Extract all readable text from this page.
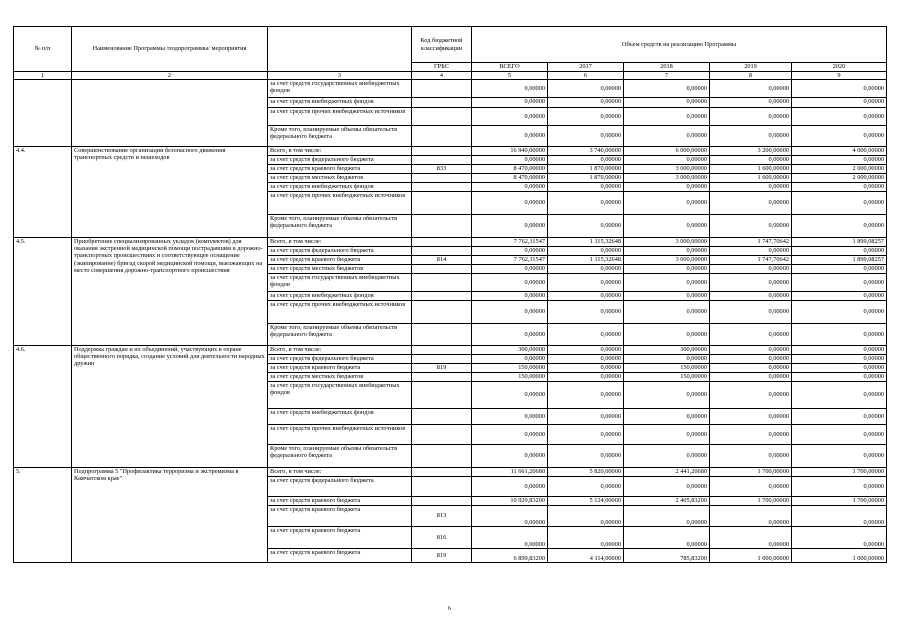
№ п/п	Наименование Программы /подпрограммы/ мероприятия		Код бюджетной классификации	Объем средств на реализацию Программы				
			ГРБС	ВСЕГО	2017	2018	2019	2020
1	2	3	4	5	6	7	8	9
		за счет средств государственных внебюджетных фондов		0,00000	0,00000	0,00000	0,00000	0,00000
		за счет средств внебюджетных фондов		0,00000	0,00000	0,00000	0,00000	0,00000
		за счет средств прочих внебюджетных источников		0,00000	0,00000	0,00000	0,00000	0,00000
		Кроме того, планируемые объемы обязательств федерального бюджета		0,00000	0,00000	0,00000	0,00000	0,00000
4.4.	Совершенствование организации безопасного движения транспортных средств и пешеходов	Всего, в том числе:		16 940,00000	3 740,00000	6 000,00000	3 200,00000	4 000,00000
		за счет средств федерального бюджета		0,00000	0,00000	0,00000	0,00000	0,00000
		за счет средств краевого бюджета	833	8 470,00000	1 870,00000	3 000,00000	1 600,00000	2 000,00000
		за счет средств местных бюджетов		8 470,00000	1 870,00000	3 000,00000	1 600,00000	2 000,00000
		за счет средств внебюджетных фондов		0,00000	0,00000	0,00000	0,00000	0,00000
		за счет средств прочих внебюджетных источников		0,00000	0,00000	0,00000	0,00000	0,00000
		Кроме того, планируемые объемы обязательств федерального бюджета		0,00000	0,00000	0,00000	0,00000	0,00000
4.5.	Приобретение специализированных укладок (комплектов) для оказания экстренной медицинской помощи пострадавшим в дорожно-транспортных происшествиях и соответствующее оснащение (экипирование) бригад скорой медицинской помощи, выезжающих на место совершения дорожно-транспортного происшествия	Всего, в том числе:		7 762,11547	1 115,32648	3 000,00000	1 747,70642	1 899,08257
		за счет средств федерального бюджета		0,00000	0,00000	0,00000	0,00000	0,00000
		за счет средств краевого бюджета	814	7 762,11547	1 115,32648	3 000,00000	1 747,70642	1 899,08257
		за счет средств местных бюджетов		0,00000	0,00000	0,00000	0,00000	0,00000
		за счет средств государственных внебюджетных фондов		0,00000	0,00000	0,00000	0,00000	0,00000
		за счет средств внебюджетных фондов		0,00000	0,00000	0,00000	0,00000	0,00000
		за счет средств прочих внебюджетных источников		0,00000	0,00000	0,00000	0,00000	0,00000
		Кроме того, планируемые объемы обязательств федерального бюджета		0,00000	0,00000	0,00000	0,00000	0,00000
4.6.	Поддержка граждан и их объединений, участвующих в охране общественного порядка, создание условий для деятельности народных дружин	Всего, в том числе:		300,00000	0,00000	300,00000	0,00000	0,00000
		за счет средств федерального бюджета		0,00000	0,00000	0,00000	0,00000	0,00000
		за счет средств краевого бюджета	819	150,00000	0,00000	150,00000	0,00000	0,00000
		за счет средств местных бюджетов		150,00000	0,00000	150,00000	0,00000	0,00000
		за счет средств государственных внебюджетных фондов		0,00000	0,00000	0,00000	0,00000	0,00000
		за счет средств внебюджетных фондов		0,00000	0,00000	0,00000	0,00000	0,00000
		за счет средств прочих внебюджетных источников		0,00000	0,00000	0,00000	0,00000	0,00000
		Кроме того, планируемые объемы обязательств федерального бюджета		0,00000	0,00000	0,00000	0,00000	0,00000
5.	Подпрограмма 5 "Профилактика терроризма и экстремизма в Камчатском крае"	Всего, в том числе:		11 661,20680	5 820,00000	2 441,20680	1 700,00000	1 700,00000
		за счет средств федерального бюджета		0,00000	0,00000	0,00000	0,00000	0,00000
		за счет средств краевого бюджета		10 929,83200	5 124,00000	2 405,83200	1 700,00000	1 700,00000
		за счет средств краевого бюджета	813	0,00000	0,00000	0,00000	0,00000	0,00000
		за счет средств краевого бюджета	816	0,00000	0,00000	0,00000	0,00000	0,00000
		за счет средств краевого бюджета	819	6 899,83200	4 114,00000	785,83200	1 000,00000	1 000,00000
6
